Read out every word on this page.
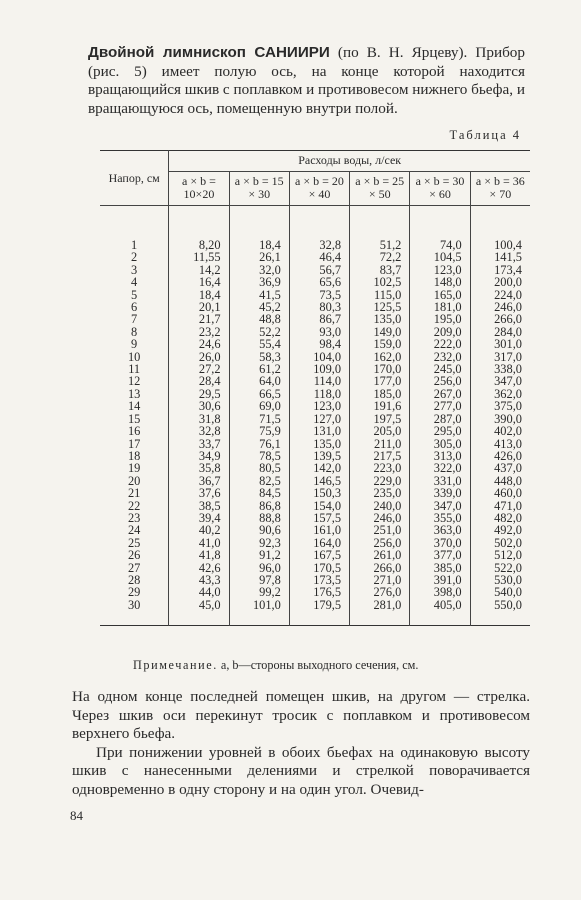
Двойной лимнископ САНИИРИ (по В. Н. Ярцеву). Прибор (рис. 5) имеет полую ось, на конце которой находится вращающийся шкив с поплавком и противовесом нижнего бьефа, и вращающуюся ось, помещенную внутри полой.
Таблица 4
Напор, см	Расходы воды, л/сек					
	a × b = 10×20	a × b = 15 × 30	a × b = 20 × 40	a × b = 25 × 50	a × b = 30 × 60	a × b = 36 × 70
1	8,20	18,4	32,8	51,2	74,0	100,4
2	11,55	26,1	46,4	72,2	104,5	141,5
3	14,2	32,0	56,7	83,7	123,0	173,4
4	16,4	36,9	65,6	102,5	148,0	200,0
5	18,4	41,5	73,5	115,0	165,0	224,0
6	20,1	45,2	80,3	125,5	181,0	246,0
7	21,7	48,8	86,7	135,0	195,0	266,0
8	23,2	52,2	93,0	149,0	209,0	284,0
9	24,6	55,4	98,4	159,0	222,0	301,0
10	26,0	58,3	104,0	162,0	232,0	317,0
11	27,2	61,2	109,0	170,0	245,0	338,0
12	28,4	64,0	114,0	177,0	256,0	347,0
13	29,5	66,5	118,0	185,0	267,0	362,0
14	30,6	69,0	123,0	191,6	277,0	375,0
15	31,8	71,5	127,0	197,5	287,0	390,0
16	32,8	75,9	131,0	205,0	295,0	402,0
17	33,7	76,1	135,0	211,0	305,0	413,0
18	34,9	78,5	139,5	217,5	313,0	426,0
19	35,8	80,5	142,0	223,0	322,0	437,0
20	36,7	82,5	146,5	229,0	331,0	448,0
21	37,6	84,5	150,3	235,0	339,0	460,0
22	38,5	86,8	154,0	240,0	347,0	471,0
23	39,4	88,8	157,5	246,0	355,0	482,0
24	40,2	90,6	161,0	251,0	363,0	492,0
25	41,0	92,3	164,0	256,0	370,0	502,0
26	41,8	91,2	167,5	261,0	377,0	512,0
27	42,6	96,0	170,5	266,0	385,0	522,0
28	43,3	97,8	173,5	271,0	391,0	530,0
29	44,0	99,2	176,5	276,0	398,0	540,0
30	45,0	101,0	179,5	281,0	405,0	550,0
Примечание. a, b—стороны выходного сечения, см.

На одном конце последней помещен шкив, на другом — стрелка. Через шкив оси перекинут тросик с поплавком и противовесом верхнего бьефа.

При понижении уровней в обоих бьефах на одинаковую высоту шкив с нанесенными делениями и стрелкой поворачивается одновременно в одну сторону и на один угол. Очевид-

84
